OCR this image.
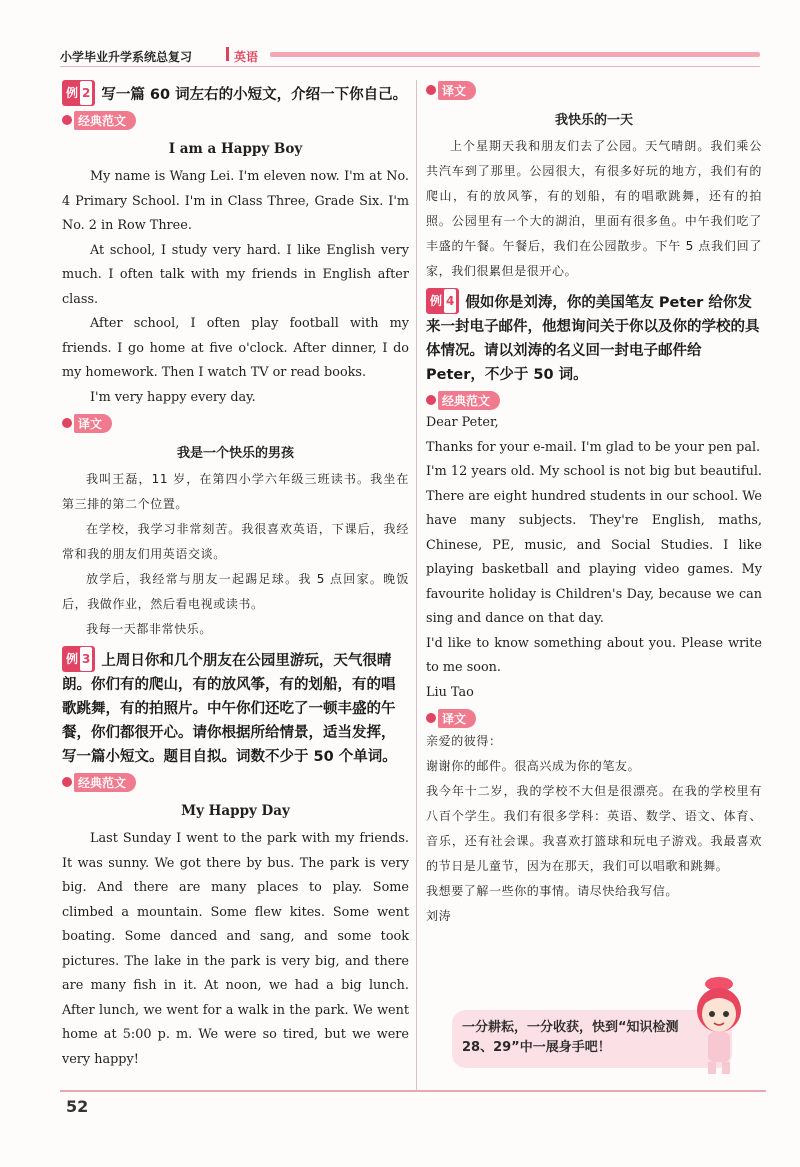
小学毕业升学系统总复习	英语
例 2 写一篇 60 词左右的小短文，介绍一下你自己。
经典范文
I am a Happy Boy
My name is Wang Lei. I'm eleven now. I'm at No. 4 Primary School. I'm in Class Three, Grade Six. I'm No. 2 in Row Three.
At school, I study very hard. I like English very much. I often talk with my friends in English after class.
After school, I often play football with my friends. I go home at five o'clock. After dinner, I do my homework. Then I watch TV or read books.
I'm very happy every day.
译文
我是一个快乐的男孩
我叫王磊，11 岁，在第四小学六年级三班读书。我坐在第三排的第二个位置。
在学校，我学习非常刻苦。我很喜欢英语，下课后，我经常和我的朋友们用英语交谈。
放学后，我经常与朋友一起踢足球。我 5 点回家。晚饭后，我做作业，然后看电视或读书。
我每一天都非常快乐。
例 3 上周日你和几个朋友在公园里游玩，天气很晴朗。你们有的爬山，有的放风筝，有的划船，有的唱歌跳舞，有的拍照片。中午你们还吃了一顿丰盛的午餐，你们都很开心。请你根据所给情景，适当发挥，写一篇小短文。题目自拟。词数不少于 50 个单词。
经典范文
My Happy Day
Last Sunday I went to the park with my friends. It was sunny. We got there by bus. The park is very big. And there are many places to play. Some climbed a mountain. Some flew kites. Some went boating. Some danced and sang, and some took pictures. The lake in the park is very big, and there are many fish in it. At noon, we had a big lunch. After lunch, we went for a walk in the park. We went home at 5:00 p. m. We were so tired, but we were very happy!
译文
我快乐的一天
上个星期天我和朋友们去了公园。天气晴朗。我们乘公共汽车到了那里。公园很大，有很多好玩的地方，我们有的爬山，有的放风筝，有的划船，有的唱歌跳舞，还有的拍照。公园里有一个大的湖泊，里面有很多鱼。中午我们吃了丰盛的午餐。午餐后，我们在公园散步。下午 5 点我们回了家，我们很累但是很开心。
例 4 假如你是刘涛，你的美国笔友 Peter 给你发来一封电子邮件，他想询问关于你以及你的学校的具体情况。请以刘涛的名义回一封电子邮件给 Peter，不少于 50 词。
经典范文
Dear Peter,
Thanks for your e-mail. I'm glad to be your pen pal.
I'm 12 years old. My school is not big but beautiful. There are eight hundred students in our school. We have many subjects. They're English, maths, Chinese, PE, music, and Social Studies. I like playing basketball and playing video games. My favourite holiday is Children's Day, because we can sing and dance on that day.
I'd like to know something about you. Please write to me soon.
Liu Tao
译文
亲爱的彼得：
谢谢你的邮件。很高兴成为你的笔友。
我今年十二岁，我的学校不大但是很漂亮。在我的学校里有八百个学生。我们有很多学科：英语、数学、语文、体育、音乐，还有社会课。我喜欢打篮球和玩电子游戏。我最喜欢的节日是儿童节，因为在那天，我们可以唱歌和跳舞。
我想要了解一些你的事情。请尽快给我写信。
刘涛
一分耕耘，一分收获，快到“知识检测28、29”中一展身手吧！
52
